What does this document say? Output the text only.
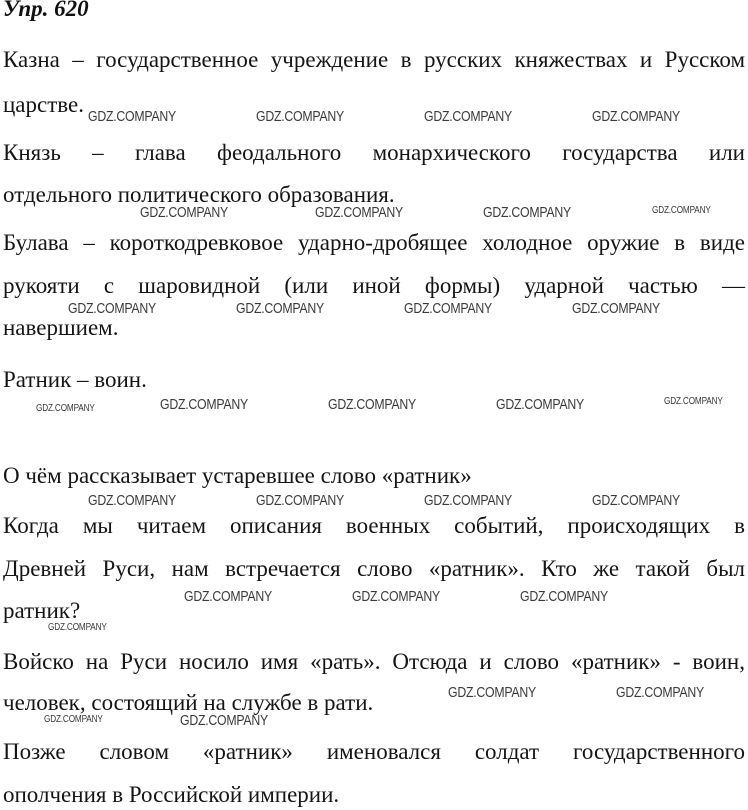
Упр. 620
Казна – государственное учреждение в русских княжествах и Русском
царстве.
Князь – глава феодального монархического государства или
отдельного политического образования.
Булава – короткодревковое ударно-дробящее холодное оружие в виде
рукояти с шаровидной (или иной формы) ударной частью —
навершием.
Ратник – воин.
О чём рассказывает устаревшее слово «ратник»
Когда мы читаем описания военных событий, происходящих в
Древней Руси, нам встречается слово «ратник». Кто же такой был
ратник?
Войско на Руси носило имя «рать». Отсюда и слово «ратник» - воин,
человек, состоящий на службе в рати.
Позже словом «ратник» именовался солдат государственного
ополчения в Российской империи.
GDZ.COMPANY	GDZ.COMPANY	GDZ.COMPANY	GDZ.COMPANY
GDZ.COMPANY	GDZ.COMPANY	GDZ.COMPANY	GDZ.COMPANY
GDZ.COMPANY	GDZ.COMPANY	GDZ.COMPANY	GDZ.COMPANY
GDZ.COMPANY	GDZ.COMPANY	GDZ.COMPANY	GDZ.COMPANY	GDZ.COMPANY
GDZ.COMPANY	GDZ.COMPANY	GDZ.COMPANY	GDZ.COMPANY
GDZ.COMPANY	GDZ.COMPANY	GDZ.COMPANY
GDZ.COMPANY
GDZ.COMPANY	GDZ.COMPANY
GDZ.COMPANY	GDZ.COMPANY
